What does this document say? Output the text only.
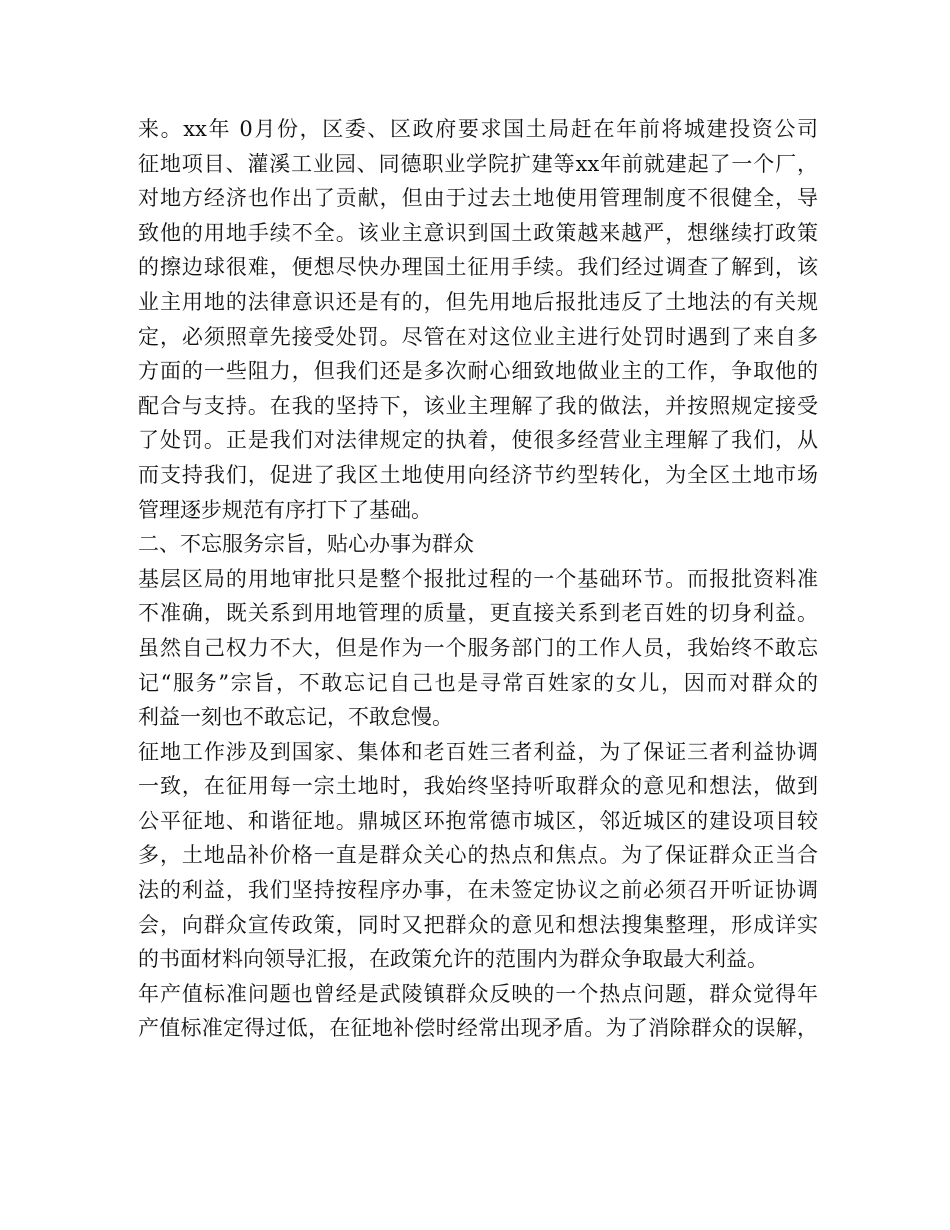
来。xx年 0月份，区委、区政府要求国土局赶在年前将城建投资公司
征地项目、灌溪工业园、同德职业学院扩建等xx年前就建起了一个厂，
对地方经济也作出了贡献，但由于过去土地使用管理制度不很健全，导
致他的用地手续不全。该业主意识到国土政策越来越严，想继续打政策
的擦边球很难，便想尽快办理国土征用手续。我们经过调查了解到，该
业主用地的法律意识还是有的，但先用地后报批违反了土地法的有关规
定，必须照章先接受处罚。尽管在对这位业主进行处罚时遇到了来自多
方面的一些阻力，但我们还是多次耐心细致地做业主的工作，争取他的
配合与支持。在我的坚持下，该业主理解了我的做法，并按照规定接受
了处罚。正是我们对法律规定的执着，使很多经营业主理解了我们，从
而支持我们，促进了我区土地使用向经济节约型转化，为全区土地市场
管理逐步规范有序打下了基础。
二、不忘服务宗旨，贴心办事为群众
基层区局的用地审批只是整个报批过程的一个基础环节。而报批资料准
不准确，既关系到用地管理的质量，更直接关系到老百姓的切身利益。
虽然自己权力不大，但是作为一个服务部门的工作人员，我始终不敢忘
记“服务”宗旨，不敢忘记自己也是寻常百姓家的女儿，因而对群众的
利益一刻也不敢忘记，不敢怠慢。
征地工作涉及到国家、集体和老百姓三者利益，为了保证三者利益协调
一致，在征用每一宗土地时，我始终坚持听取群众的意见和想法，做到
公平征地、和谐征地。鼎城区环抱常德市城区，邻近城区的建设项目较
多，土地品补价格一直是群众关心的热点和焦点。为了保证群众正当合
法的利益，我们坚持按程序办事，在未签定协议之前必须召开听证协调
会，向群众宣传政策，同时又把群众的意见和想法搜集整理，形成详实
的书面材料向领导汇报，在政策允许的范围内为群众争取最大利益。
年产值标准问题也曾经是武陵镇群众反映的一个热点问题，群众觉得年
产值标准定得过低，在征地补偿时经常出现矛盾。为了消除群众的误解，
